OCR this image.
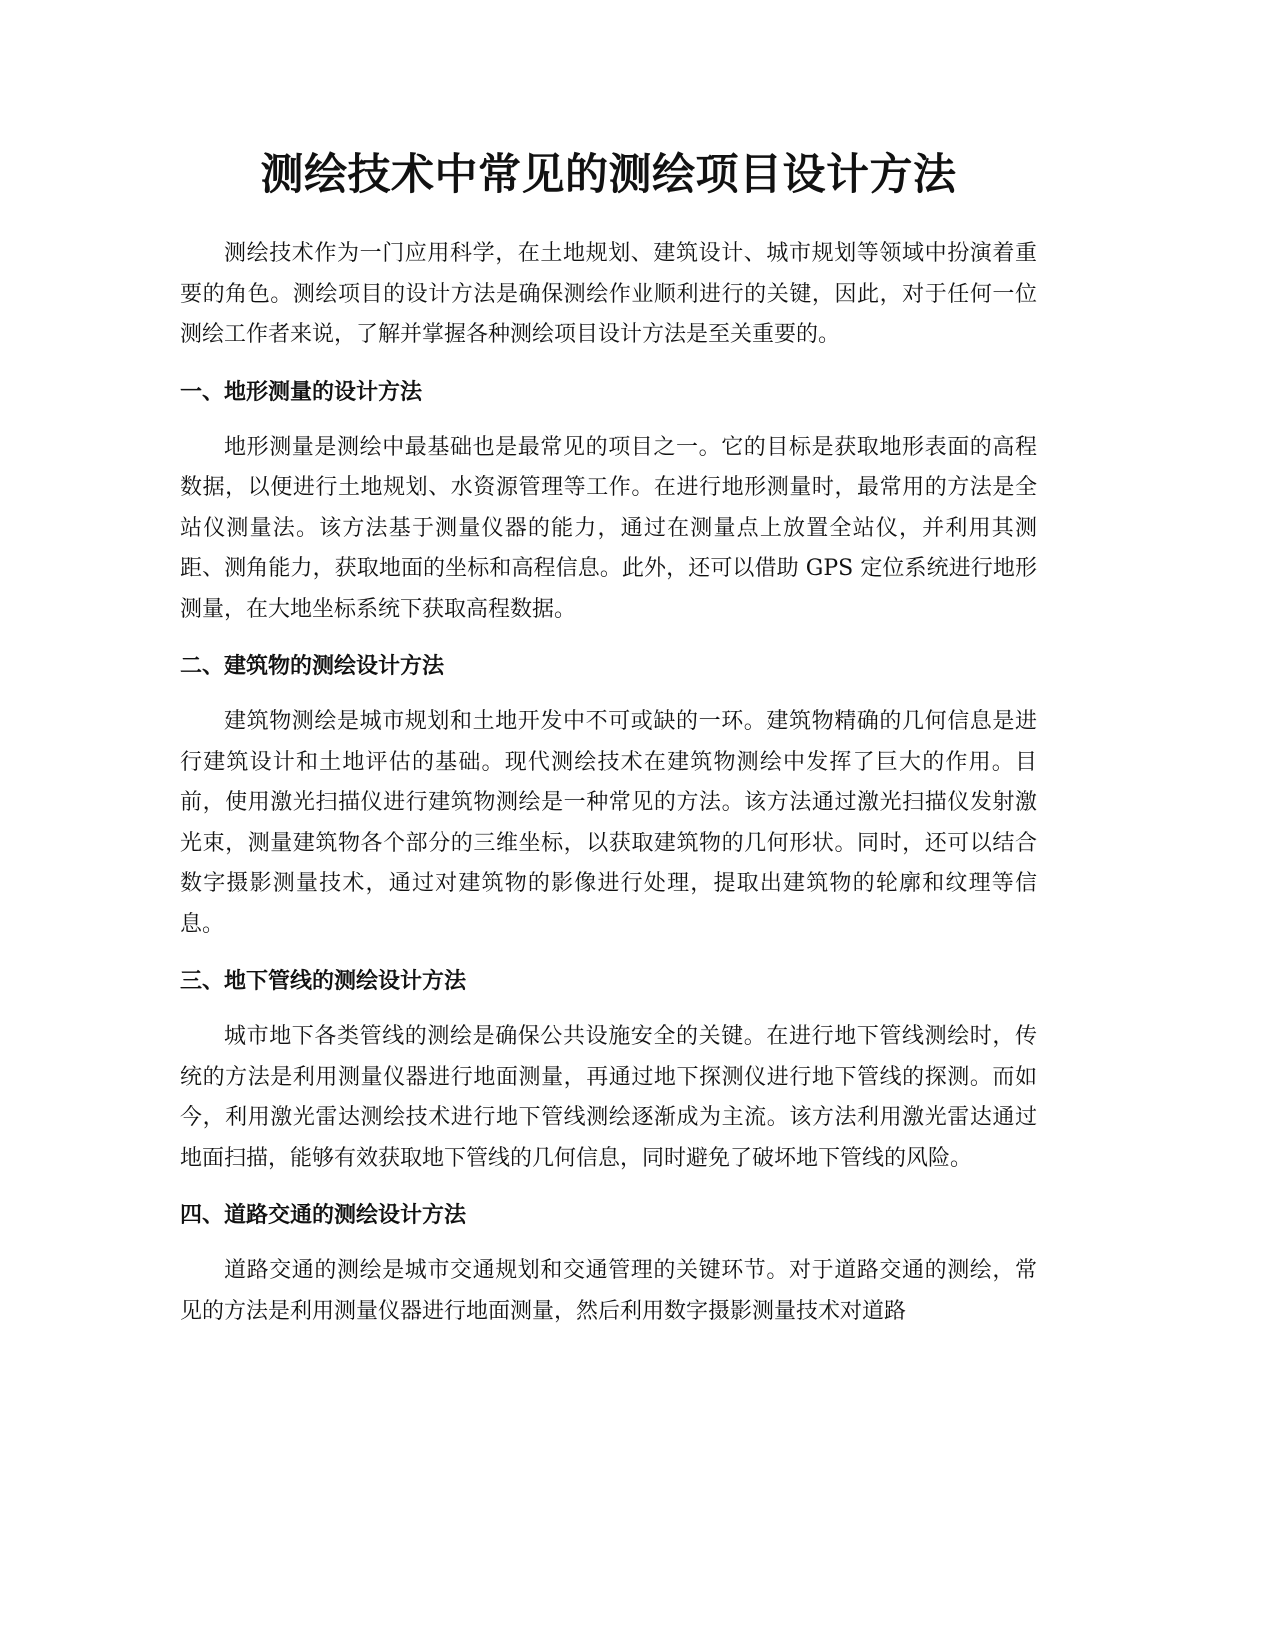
测绘技术中常见的测绘项目设计方法

测绘技术作为一门应用科学，在土地规划、建筑设计、城市规划等领域中扮演着重要的角色。测绘项目的设计方法是确保测绘作业顺利进行的关键，因此，对于任何一位测绘工作者来说，了解并掌握各种测绘项目设计方法是至关重要的。

一、地形测量的设计方法

地形测量是测绘中最基础也是最常见的项目之一。它的目标是获取地形表面的高程数据，以便进行土地规划、水资源管理等工作。在进行地形测量时，最常用的方法是全站仪测量法。该方法基于测量仪器的能力，通过在测量点上放置全站仪，并利用其测距、测角能力，获取地面的坐标和高程信息。此外，还可以借助 GPS 定位系统进行地形测量，在大地坐标系统下获取高程数据。

二、建筑物的测绘设计方法

建筑物测绘是城市规划和土地开发中不可或缺的一环。建筑物精确的几何信息是进行建筑设计和土地评估的基础。现代测绘技术在建筑物测绘中发挥了巨大的作用。目前，使用激光扫描仪进行建筑物测绘是一种常见的方法。该方法通过激光扫描仪发射激光束，测量建筑物各个部分的三维坐标，以获取建筑物的几何形状。同时，还可以结合数字摄影测量技术，通过对建筑物的影像进行处理，提取出建筑物的轮廓和纹理等信息。

三、地下管线的测绘设计方法

城市地下各类管线的测绘是确保公共设施安全的关键。在进行地下管线测绘时，传统的方法是利用测量仪器进行地面测量，再通过地下探测仪进行地下管线的探测。而如今，利用激光雷达测绘技术进行地下管线测绘逐渐成为主流。该方法利用激光雷达通过地面扫描，能够有效获取地下管线的几何信息，同时避免了破坏地下管线的风险。

四、道路交通的测绘设计方法

道路交通的测绘是城市交通规划和交通管理的关键环节。对于道路交通的测绘，常见的方法是利用测量仪器进行地面测量，然后利用数字摄影测量技术对道路
